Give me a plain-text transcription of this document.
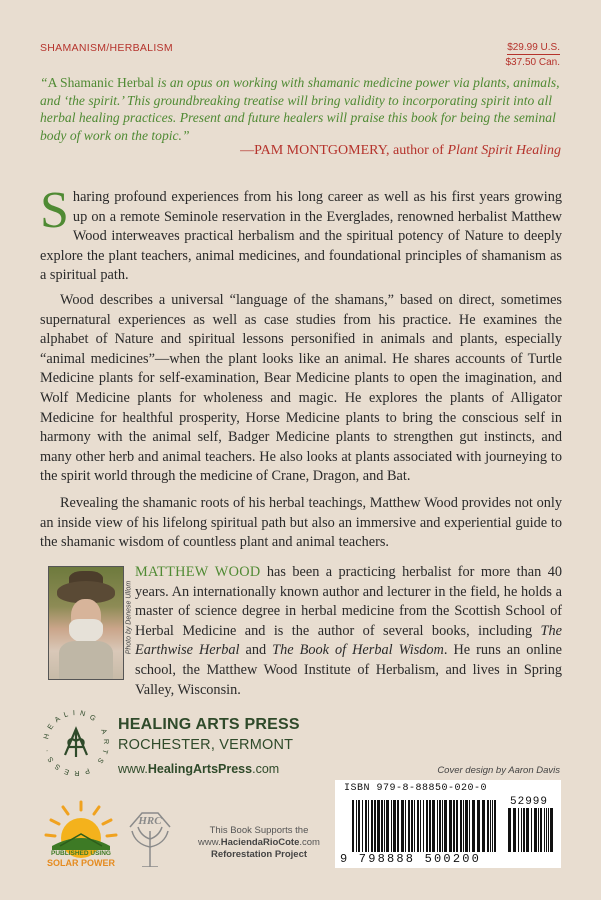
SHAMANISM/HERBALISM	$29.99 U.S.
$37.50 Can.
“A Shamanic Herbal is an opus on working with shamanic medicine power via plants, animals, and ‘the spirit.’ This groundbreaking treatise will bring validity to incorporating spirit into all herbal healing practices. Present and future healers will praise this book for being the seminal body of work on the topic.”
—PAM MONTGOMERY, author of Plant Spirit Healing
Sharing profound experiences from his long career as well as his first years growing up on a remote Seminole reservation in the Everglades, renowned herbalist Matthew Wood interweaves practical herbalism and the spiritual potency of Nature to deeply explore the plant teachers, animal medicines, and foundational principles of shamanism as a spiritual path.
Wood describes a universal “language of the shamans,” based on direct, sometimes supernatural experiences as well as case studies from his practice. He examines the alphabet of Nature and spiritual lessons personified in animals and plants, especially “animal medicines”—when the plant looks like an animal. He shares accounts of Turtle Medicine plants for self-examination, Bear Medicine plants to open the imagination, and Wolf Medicine plants for wholeness and magic. He explores the plants of Alligator Medicine for healthful prosperity, Horse Medicine plants to bring the conscious self in harmony with the animal self, Badger Medicine plants to strengthen gut instincts, and many other herb and animal teachers. He also looks at plants associated with journeying to the spirit world through the medicine of Crane, Dragon, and Bat.
Revealing the shamanic roots of his herbal teachings, Matthew Wood provides not only an inside view of his lifelong spiritual path but also an immersive and experiential guide to the shamanic wisdom of countless plant and animal teachers.
Photo by Denese Ullom
MATTHEW WOOD has been a practicing herbalist for more than 40 years. An internationally known author and lecturer in the field, he holds a master of science degree in herbal medicine from the Scottish School of Herbal Medicine and is the author of several books, including The Earthwise Herbal and The Book of Herbal Wisdom. He runs an online school, the Matthew Wood Institute of Herbalism, and lives in Spring Valley, Wisconsin.
H E A L I N G   A R T S   P R E S S ·
HEALING ARTS PRESS
ROCHESTER, VERMONT
www.HealingArtsPress.com	Cover design by Aaron Davis
ISBN 979-8-88850-020-0
52999
9 798888 500200
PUBLISHED USING
SOLAR POWER
HRC
This Book Supports the
www.HaciendaRioCote.com
Reforestation Project
